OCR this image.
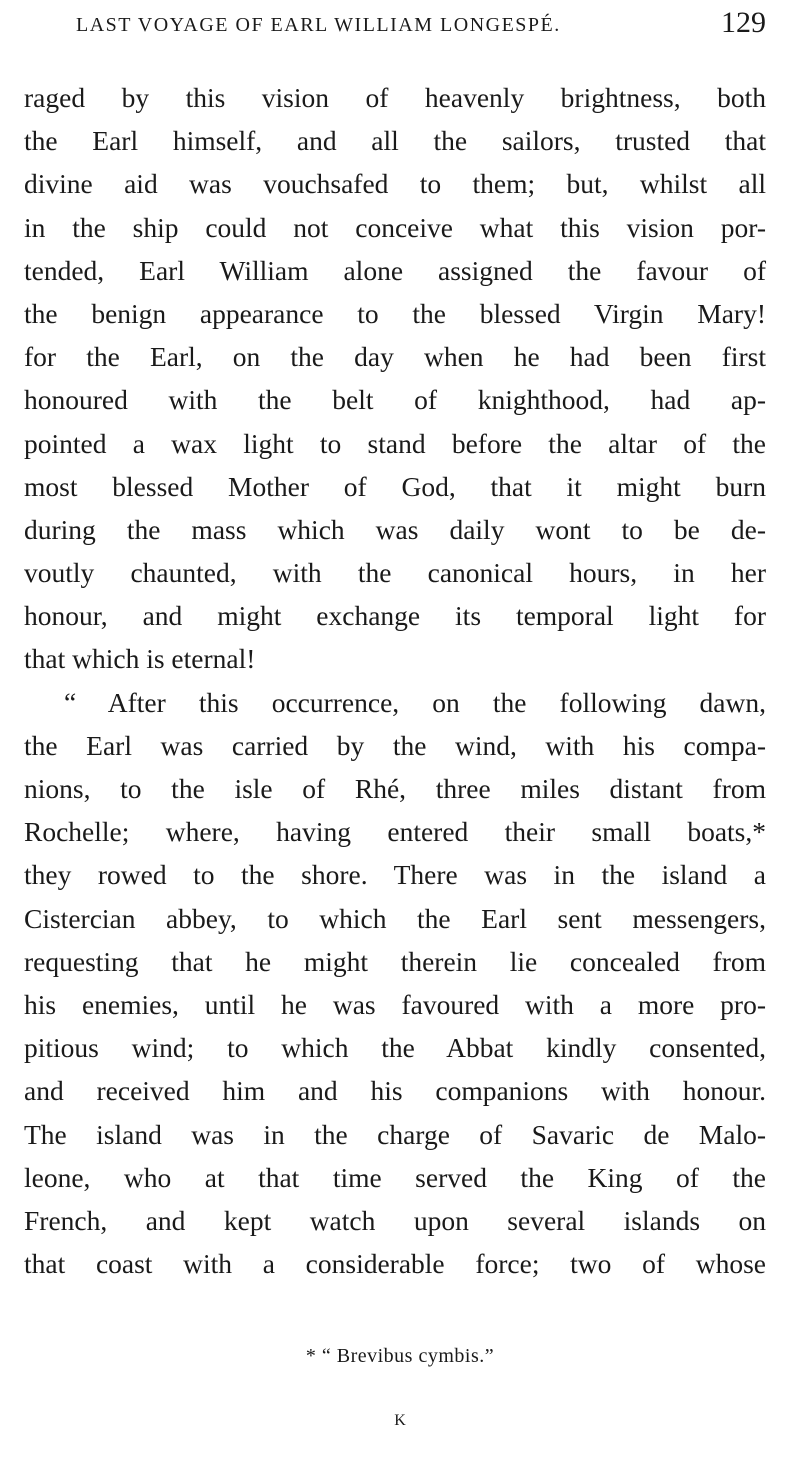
LAST VOYAGE OF EARL WILLIAM LONGESPÉ.	129
raged by this vision of heavenly brightness, both
the Earl himself, and all the sailors, trusted that
divine aid was vouchsafed to them; but, whilst all
in the ship could not conceive what this vision por-
tended, Earl William alone assigned the favour of
the benign appearance to the blessed Virgin Mary!
for the Earl, on the day when he had been first
honoured with the belt of knighthood, had ap-
pointed a wax light to stand before the altar of the
most blessed Mother of God, that it might burn
during the mass which was daily wont to be de-
voutly chaunted, with the canonical hours, in her
honour, and might exchange its temporal light for
that which is eternal!
“ After this occurrence, on the following dawn,
the Earl was carried by the wind, with his compa-
nions, to the isle of Rhé, three miles distant from
Rochelle; where, having entered their small boats,*
they rowed to the shore. There was in the island a
Cistercian abbey, to which the Earl sent messengers,
requesting that he might therein lie concealed from
his enemies, until he was favoured with a more pro-
pitious wind; to which the Abbat kindly consented,
and received him and his companions with honour.
The island was in the charge of Savaric de Malo-
leone, who at that time served the King of the
French, and kept watch upon several islands on
that coast with a considerable force; two of whose
* “ Brevibus cymbis.”
K
